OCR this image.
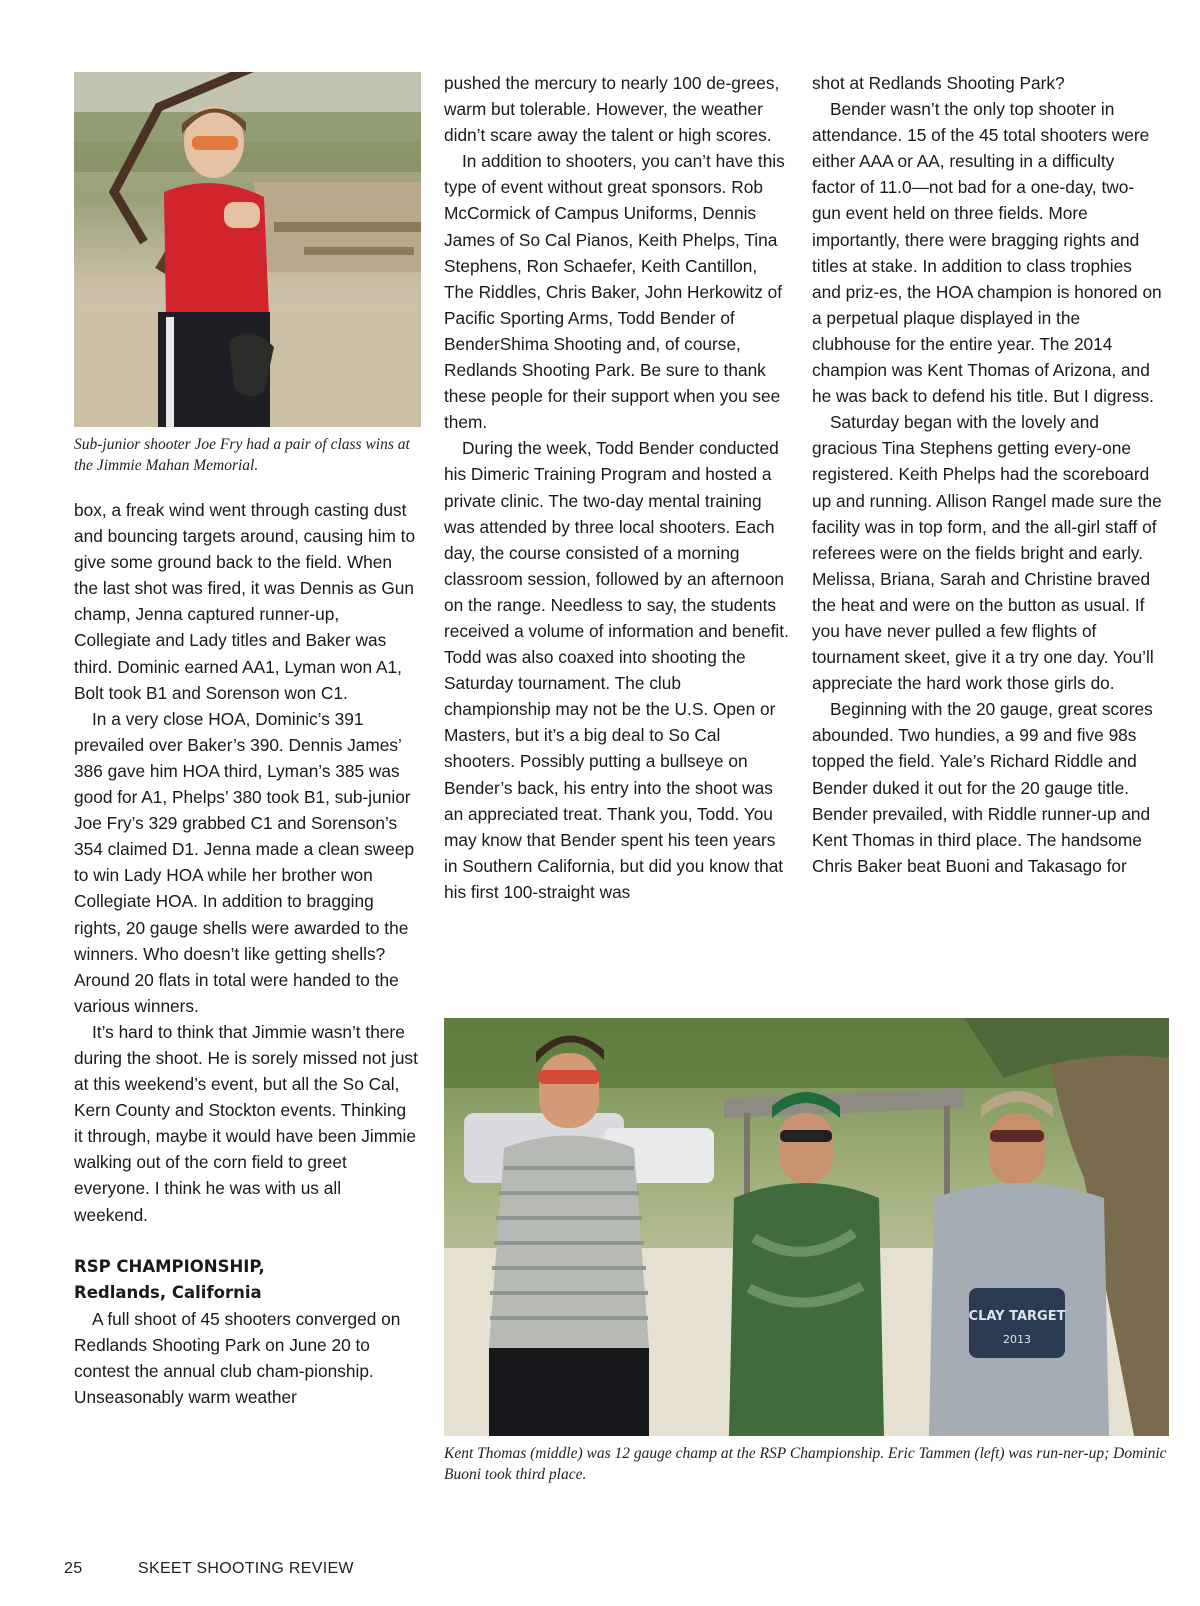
Sub-junior shooter Joe Fry had a pair of class wins at the Jimmie Mahan Memorial.

box, a freak wind went through casting dust and bouncing targets around, causing him to give some ground back to the field. When the last shot was fired, it was Dennis as Gun champ, Jenna captured runner-up, Collegiate and Lady titles and Baker was third. Dominic earned AA1, Lyman won A1, Bolt took B1 and Sorenson won C1.

In a very close HOA, Dominic’s 391 prevailed over Baker’s 390. Dennis James’ 386 gave him HOA third, Lyman’s 385 was good for A1, Phelps’ 380 took B1, sub-junior Joe Fry’s 329 grabbed C1 and Sorenson’s 354 claimed D1. Jenna made a clean sweep to win Lady HOA while her brother won Collegiate HOA. In addition to bragging rights, 20 gauge shells were awarded to the winners. Who doesn’t like getting shells? Around 20 flats in total were handed to the various winners.

It’s hard to think that Jimmie wasn’t there during the shoot. He is sorely missed not just at this weekend’s event, but all the So Cal, Kern County and Stockton events. Thinking it through, maybe it would have been Jimmie walking out of the corn field to greet everyone. I think he was with us all weekend.

RSP CHAMPIONSHIP,
Redlands, California

A full shoot of 45 shooters converged on Redlands Shooting Park on June 20 to contest the annual club cham-pionship. Unseasonably warm weather

pushed the mercury to nearly 100 de-grees, warm but tolerable. However, the weather didn’t scare away the talent or high scores.

In addition to shooters, you can’t have this type of event without great sponsors. Rob McCormick of Campus Uniforms, Dennis James of So Cal Pianos, Keith Phelps, Tina Stephens, Ron Schaefer, Keith Cantillon, The Riddles, Chris Baker, John Herkowitz of Pacific Sporting Arms, Todd Bender of BenderShima Shooting and, of course, Redlands Shooting Park. Be sure to thank these people for their support when you see them.

During the week, Todd Bender conducted his Dimeric Training Program and hosted a private clinic. The two-day mental training was attended by three local shooters. Each day, the course consisted of a morning classroom session, followed by an afternoon on the range. Needless to say, the students received a volume of information and benefit. Todd was also coaxed into shooting the Saturday tournament. The club championship may not be the U.S. Open or Masters, but it’s a big deal to So Cal shooters. Possibly putting a bullseye on Bender’s back, his entry into the shoot was an appreciated treat. Thank you, Todd. You may know that Bender spent his teen years in Southern California, but did you know that his first 100-straight was

shot at Redlands Shooting Park?

Bender wasn’t the only top shooter in attendance. 15 of the 45 total shooters were either AAA or AA, resulting in a difficulty factor of 11.0—not bad for a one-day, two-gun event held on three fields. More importantly, there were bragging rights and titles at stake. In addition to class trophies and priz-es, the HOA champion is honored on a perpetual plaque displayed in the clubhouse for the entire year. The 2014 champion was Kent Thomas of Arizona, and he was back to defend his title. But I digress.

Saturday began with the lovely and gracious Tina Stephens getting every-one registered. Keith Phelps had the scoreboard up and running. Allison Rangel made sure the facility was in top form, and the all-girl staff of referees were on the fields bright and early. Melissa, Briana, Sarah and Christine braved the heat and were on the button as usual. If you have never pulled a few flights of tournament skeet, give it a try one day. You’ll appreciate the hard work those girls do.

Beginning with the 20 gauge, great scores abounded. Two hundies, a 99 and five 98s topped the field. Yale’s Richard Riddle and Bender duked it out for the 20 gauge title. Bender prevailed, with Riddle runner-up and Kent Thomas in third place. The handsome Chris Baker beat Buoni and Takasago for

CLAY TARGET
2013
Kent Thomas (middle) was 12 gauge champ at the RSP Championship. Eric Tammen (left) was run-ner-up; Dominic Buoni took third place.
25	SKEET SHOOTING REVIEW
